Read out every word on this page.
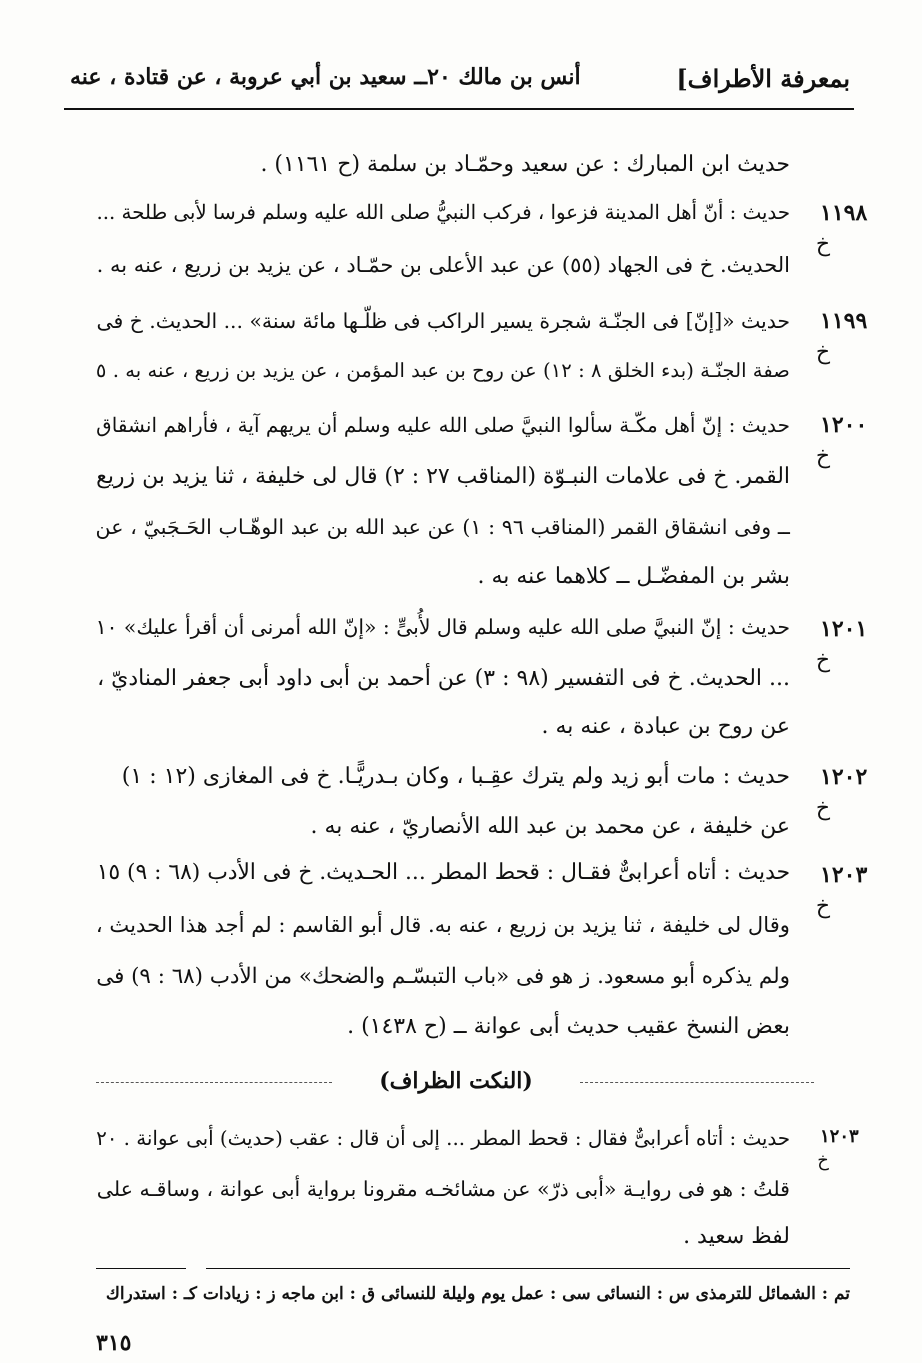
بمعرفة الأطراف]
أنس بن مالك ٢٠ــ سعيد بن أبي عروبة ، عن قتادة ، عنه
حديث ابن المبارك : عن سعيد وحمّـاد بن سلمة (ح ١١٦١) .
١١٩٨
خ
حديث : أنّ أهل المدينة فزعوا ، فركب النبيُّ صلى الله عليه وسلم فرسا لأبى طلحة ...
الحديث. خ فى الجهاد (٥٥) عن عبد الأعلى بن حمّـاد ، عن يزيد بن زريع ، عنه به .
١١٩٩
خ
حديث «[إنّ] فى الجنّـة شجرة يسير الراكب فى ظلّـها مائة سنة» ... الحديث. خ فى
صفة الجنّـة (بدء الخلق ٨ : ١٢) عن روح بن عبد المؤمن ، عن يزيد بن زريع ، عنه به . ٥
١٢٠٠
خ
حديث : إنّ أهل مكّـة سألوا النبيَّ صلى الله عليه وسلم أن يريهم آية ، فأراهم انشقاق
القمر. خ فى علامات النبـوّة (المناقب ٢٧ : ٢) قال لى خليفة ، ثنا يزيد بن زريع
ــ وفى انشقاق القمر (المناقب ٩٦ : ١) عن عبد الله بن عبد الوهّـاب الحَـجَبيّ ، عن
بشر بن المفضّـل ــ كلاهما عنه به .
١٢٠١
خ
حديث : إنّ النبيَّ صلى الله عليه وسلم قال لأُبىٍّ : «إنّ الله أمرنى أن أقرأ عليك» ١٠
... الحديث. خ فى التفسير (٩٨ : ٣) عن أحمد بن أبى داود أبى جعفر المناديّ ،
عن روح بن عبادة ، عنه به .
١٢٠٢
خ
حديث : مات أبو زيد ولم يترك عقِـبا ، وكان بـدريًّـا. خ فى المغازى (١٢ : ١)
عن خليفة ، عن محمد بن عبد الله الأنصاريّ ، عنه به .
١٢٠٣
خ
حديث : أتاه أعرابىٌّ فقـال : قحط المطر ... الحـديث. خ فى الأدب (٦٨ : ٩) ١٥
وقال لى خليفة ، ثنا يزيد بن زريع ، عنه به. قال أبو القاسم : لم أجد هذا الحديث ،
ولم يذكره أبو مسعود. ز هو فى «باب التبسّـم والضحك» من الأدب (٦٨ : ٩) فى
بعض النسخ عقيب حديث أبى عوانة ــ (ح ١٤٣٨) .
(النكت الظراف)
١٢٠٣
خ
حديث : أتاه أعرابىٌّ فقال : قحط المطر ... إلى أن قال : عقب (حديث) أبى عوانة . ٢٠
قلتُ : هو فى روايـة «أبى ذرّ» عن مشائخـه مقرونا برواية أبى عوانة ، وساقـه على
لفظ سعيد .
تم : الشمائل للترمذى س : النسائى سى : عمل يوم وليلة للنسائى ق : ابن ماجه ز : زيادات كـ : استدراك
٣١٥
